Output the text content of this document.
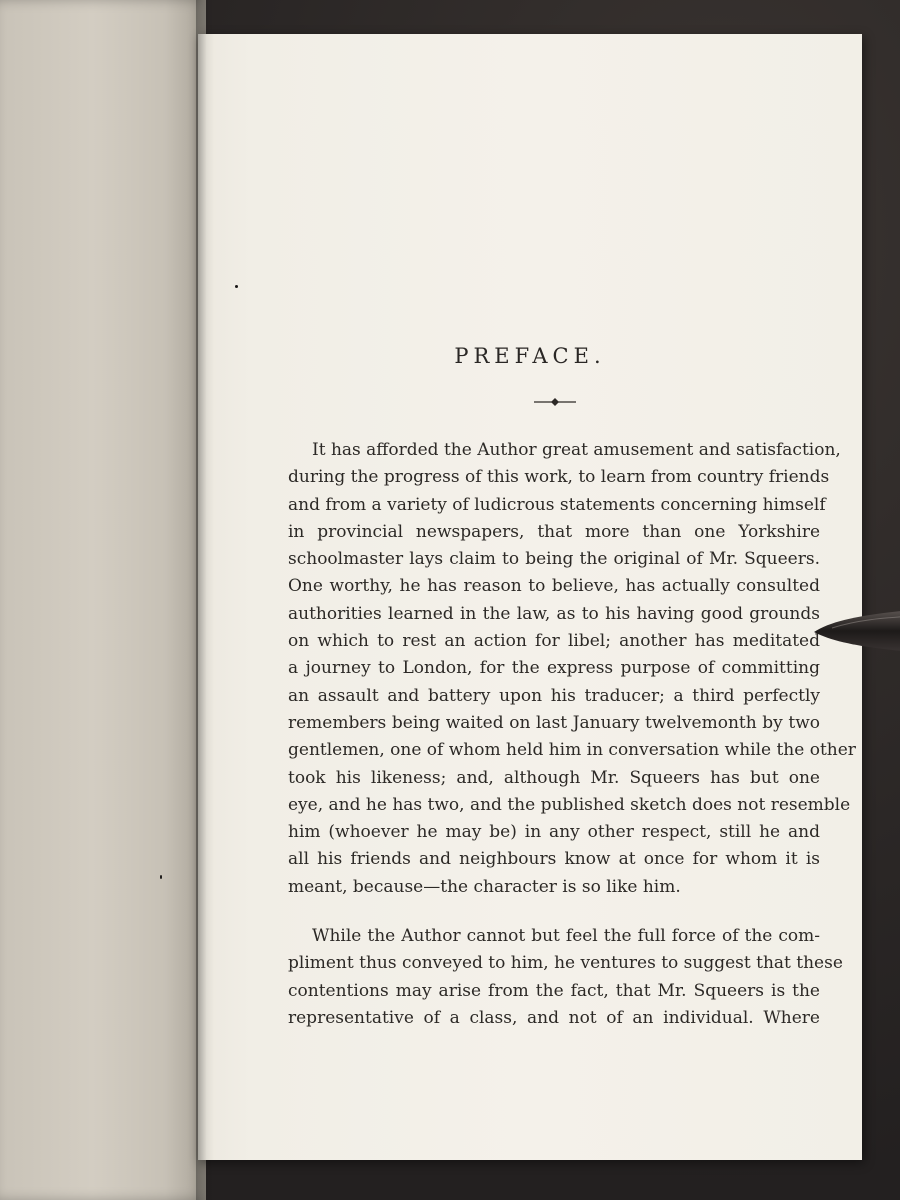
PREFACE.
It has afforded the Author great amusement and satisfaction,
during the progress of this work, to learn from country friends
and from a variety of ludicrous statements concerning himself
in provincial newspapers, that more than one Yorkshire
schoolmaster lays claim to being the original of Mr. Squeers.
One worthy, he has reason to believe, has actually consulted
authorities learned in the law, as to his having good grounds
on which to rest an action for libel; another has meditated
a journey to London, for the express purpose of committing
an assault and battery upon his traducer; a third perfectly
remembers being waited on last January twelvemonth by two
gentlemen, one of whom held him in conversation while the other
took his likeness; and, although Mr. Squeers has but one
eye, and he has two, and the published sketch does not resemble
him (whoever he may be) in any other respect, still he and
all his friends and neighbours know at once for whom it is
meant, because—the character is so like him.
While the Author cannot but feel the full force of the com-
pliment thus conveyed to him, he ventures to suggest that these
contentions may arise from the fact, that Mr. Squeers is the
representative of a class, and not of an individual. Where
